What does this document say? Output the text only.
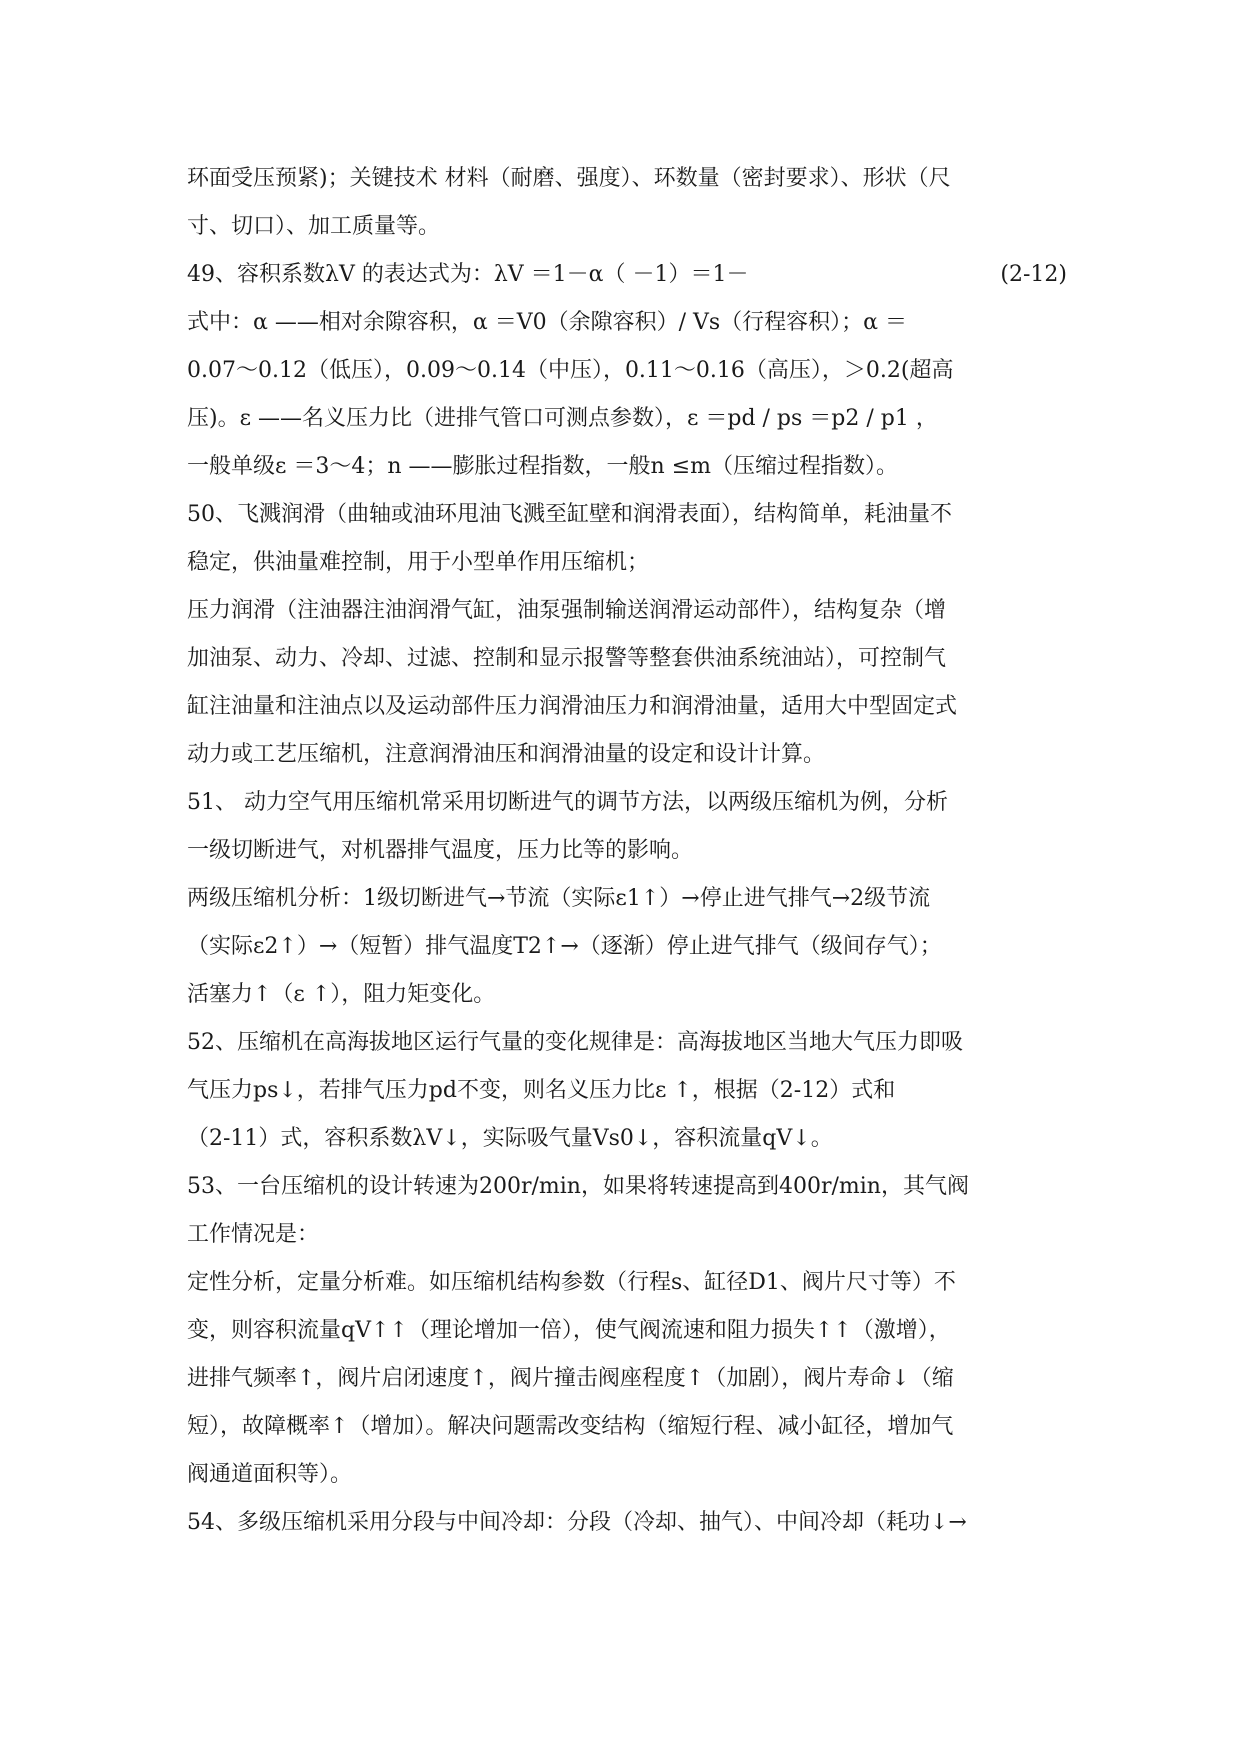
环面受压预紧)；关键技术 材料（耐磨、强度）、环数量（密封要求）、形状（尺
寸、切口）、加工质量等。
49、容积系数λV 的表达式为：λV ＝1－α（ －1）＝1－	(2-12)
式中：α ——相对余隙容积，α ＝V0（余隙容积）/ Vs（行程容积）；α ＝
0.07～0.12（低压），0.09～0.14（中压），0.11～0.16（高压），＞0.2(超高
压)。ε ——名义压力比（进排气管口可测点参数），ε ＝pd / ps ＝p2 / p1 ，
一般单级ε ＝3～4；n ——膨胀过程指数，一般n ≤m（压缩过程指数）。
50、飞溅润滑（曲轴或油环甩油飞溅至缸壁和润滑表面），结构简单，耗油量不
稳定，供油量难控制，用于小型单作用压缩机；
压力润滑（注油器注油润滑气缸，油泵强制输送润滑运动部件），结构复杂（增
加油泵、动力、冷却、过滤、控制和显示报警等整套供油系统油站），可控制气
缸注油量和注油点以及运动部件压力润滑油压力和润滑油量，适用大中型固定式
动力或工艺压缩机，注意润滑油压和润滑油量的设定和设计计算。
51、 动力空气用压缩机常采用切断进气的调节方法，以两级压缩机为例，分析
一级切断进气，对机器排气温度，压力比等的影响。
两级压缩机分析：1级切断进气→节流（实际ε1↑）→停止进气排气→2级节流
（实际ε2↑）→（短暂）排气温度T2↑→（逐渐）停止进气排气（级间存气）；
活塞力↑（ε ↑），阻力矩变化。
52、压缩机在高海拔地区运行气量的变化规律是：高海拔地区当地大气压力即吸
气压力ps↓，若排气压力pd不变，则名义压力比ε ↑，根据（2-12）式和
（2-11）式，容积系数λV↓，实际吸气量Vs0↓，容积流量qV↓。
53、一台压缩机的设计转速为200r/min，如果将转速提高到400r/min，其气阀
工作情况是：
定性分析，定量分析难。如压缩机结构参数（行程s、缸径D1、阀片尺寸等）不
变，则容积流量qV↑↑（理论增加一倍），使气阀流速和阻力损失↑↑（激增），
进排气频率↑，阀片启闭速度↑，阀片撞击阀座程度↑（加剧），阀片寿命↓（缩
短），故障概率↑（增加）。解决问题需改变结构（缩短行程、减小缸径，增加气
阀通道面积等）。
54、多级压缩机采用分段与中间冷却：分段（冷却、抽气）、中间冷却（耗功↓→
